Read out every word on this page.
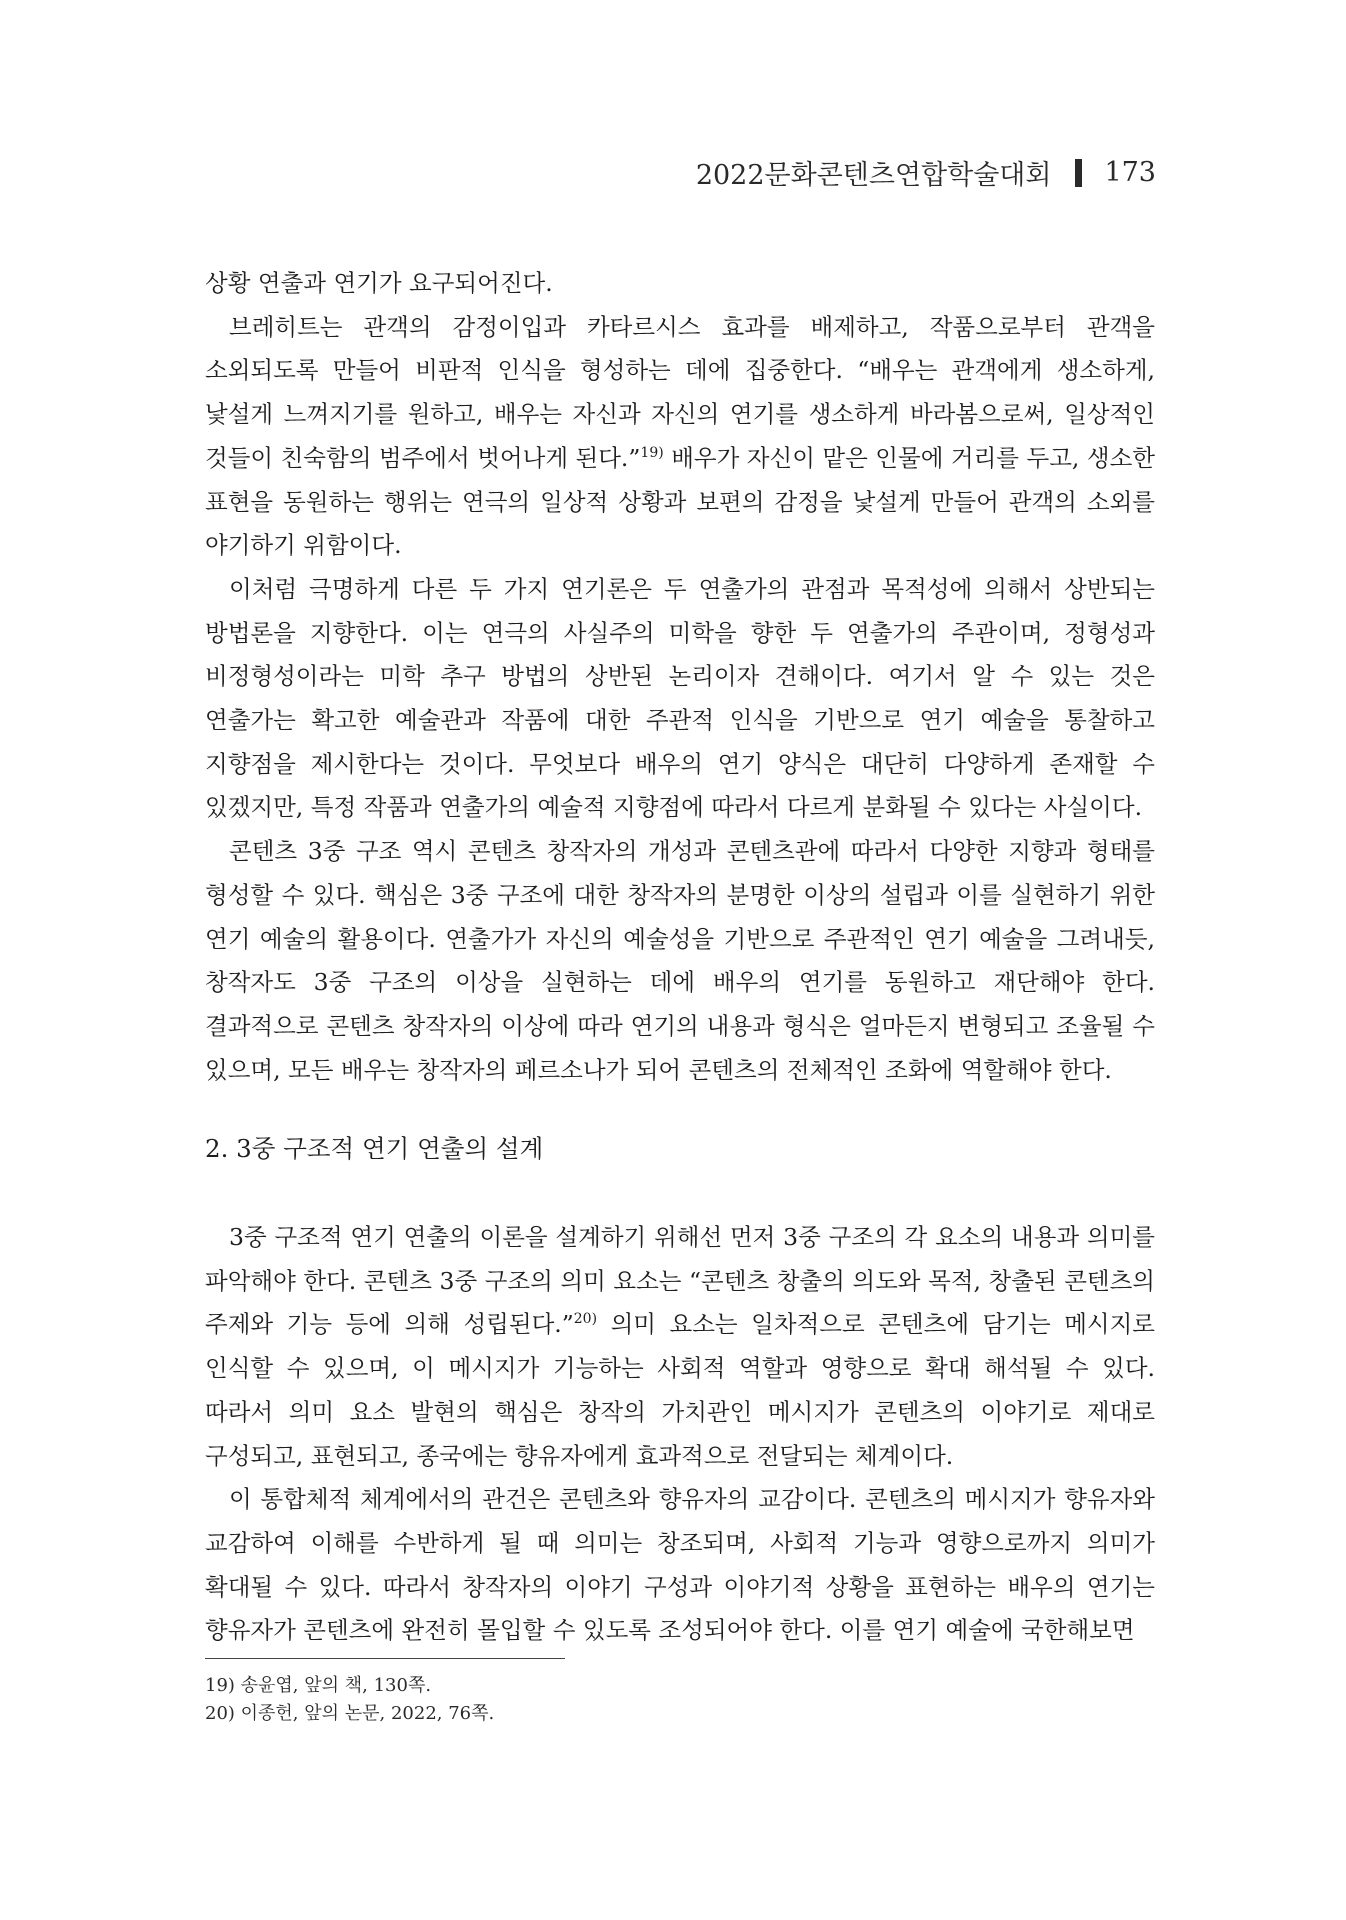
2022문화콘텐츠연합학술대회 173

상황 연출과 연기가 요구되어진다.

브레히트는 관객의 감정이입과 카타르시스 효과를 배제하고, 작품으로부터 관객을 소외되도록 만들어 비판적 인식을 형성하는 데에 집중한다. “배우는 관객에게 생소하게, 낯설게 느껴지기를 원하고, 배우는 자신과 자신의 연기를 생소하게 바라봄으로써, 일상적인 것들이 친숙함의 범주에서 벗어나게 된다.”$^{19)}$ 배우가 자신이 맡은 인물에 거리를 두고, 생소한 표현을 동원하는 행위는 연극의 일상적 상황과 보편의 감정을 낯설게 만들어 관객의 소외를 야기하기 위함이다.

이처럼 극명하게 다른 두 가지 연기론은 두 연출가의 관점과 목적성에 의해서 상반되는 방법론을 지향한다. 이는 연극의 사실주의 미학을 향한 두 연출가의 주관이며, 정형성과 비정형성이라는 미학 추구 방법의 상반된 논리이자 견해이다. 여기서 알 수 있는 것은 연출가는 확고한 예술관과 작품에 대한 주관적 인식을 기반으로 연기 예술을 통찰하고 지향점을 제시한다는 것이다. 무엇보다 배우의 연기 양식은 대단히 다양하게 존재할 수 있겠지만, 특정 작품과 연출가의 예술적 지향점에 따라서 다르게 분화될 수 있다는 사실이다.

콘텐츠 3중 구조 역시 콘텐츠 창작자의 개성과 콘텐츠관에 따라서 다양한 지향과 형태를 형성할 수 있다. 핵심은 3중 구조에 대한 창작자의 분명한 이상의 설립과 이를 실현하기 위한 연기 예술의 활용이다. 연출가가 자신의 예술성을 기반으로 주관적인 연기 예술을 그려내듯, 창작자도 3중 구조의 이상을 실현하는 데에 배우의 연기를 동원하고 재단해야 한다. 결과적으로 콘텐츠 창작자의 이상에 따라 연기의 내용과 형식은 얼마든지 변형되고 조율될 수 있으며, 모든 배우는 창작자의 페르소나가 되어 콘텐츠의 전체적인 조화에 역할해야 한다.

2. 3중 구조적 연기 연출의 설계

3중 구조적 연기 연출의 이론을 설계하기 위해선 먼저 3중 구조의 각 요소의 내용과 의미를 파악해야 한다. 콘텐츠 3중 구조의 의미 요소는 “콘텐츠 창출의 의도와 목적, 창출된 콘텐츠의 주제와 기능 등에 의해 성립된다.”$^{20)}$ 의미 요소는 일차적으로 콘텐츠에 담기는 메시지로 인식할 수 있으며, 이 메시지가 기능하는 사회적 역할과 영향으로 확대 해석될 수 있다. 따라서 의미 요소 발현의 핵심은 창작의 가치관인 메시지가 콘텐츠의 이야기로 제대로 구성되고, 표현되고, 종국에는 향유자에게 효과적으로 전달되는 체계이다.

이 통합체적 체계에서의 관건은 콘텐츠와 향유자의 교감이다. 콘텐츠의 메시지가 향유자와 교감하여 이해를 수반하게 될 때 의미는 창조되며, 사회적 기능과 영향으로까지 의미가 확대될 수 있다. 따라서 창작자의 이야기 구성과 이야기적 상황을 표현하는 배우의 연기는 향유자가 콘텐츠에 완전히 몰입할 수 있도록 조성되어야 한다. 이를 연기 예술에 국한해보면

19) 송윤엽, 앞의 책, 130쪽.
20) 이종헌, 앞의 논문, 2022, 76쪽.
